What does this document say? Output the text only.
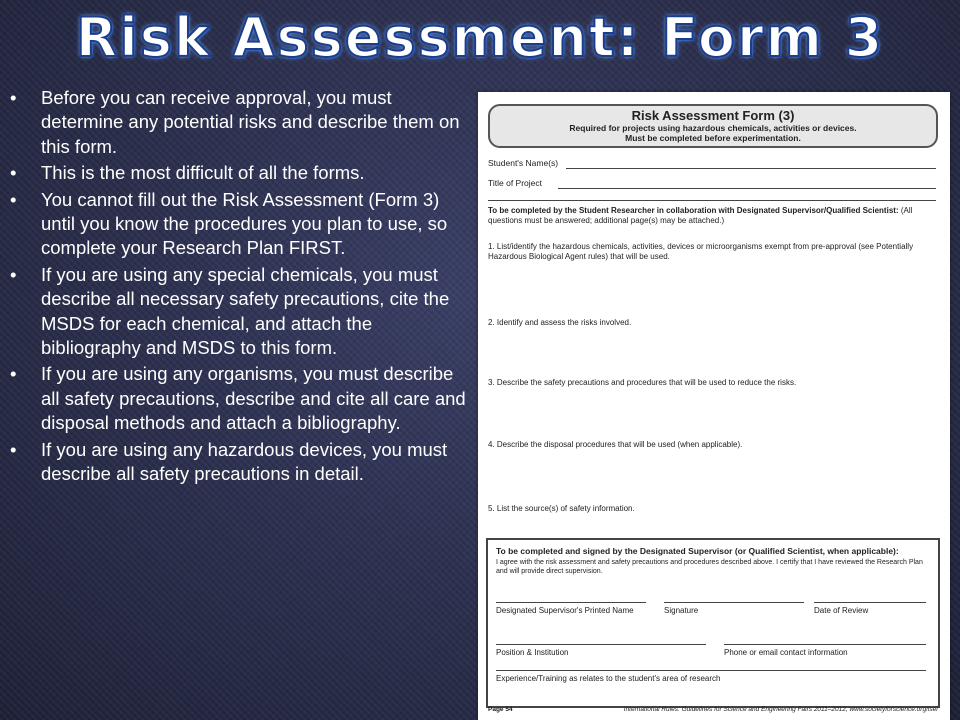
Risk Assessment: Form 3
• Before you can receive approval, you must determine any potential risks and describe them on this form.
• This is the most difficult of all the forms.
• You cannot fill out the Risk Assessment (Form 3) until you know the procedures you plan to use, so complete your Research Plan FIRST.
• If you are using any special chemicals, you must describe all necessary safety precautions, cite the MSDS for each chemical, and attach the bibliography and MSDS to this form.
• If you are using any organisms, you must describe all safety precautions, describe and cite all care and disposal methods and attach a bibliography.
• If you are using any hazardous devices, you must describe all safety precautions in detail.
Risk Assessment Form (3)
Required for projects using hazardous chemicals, activities or devices.
Must be completed before experimentation.
Student's Name(s)
Title of Project
To be completed by the Student Researcher in collaboration with Designated Supervisor/Qualified Scientist: (All questions must be answered; additional page(s) may be attached.)
1. List/identify the hazardous chemicals, activities, devices or microorganisms exempt from pre-approval (see Potentially Hazardous Biological Agent rules) that will be used.
2. Identify and assess the risks involved.
3. Describe the safety precautions and procedures that will be used to reduce the risks.
4. Describe the disposal procedures that will be used (when applicable).
5. List the source(s) of safety information.
To be completed and signed by the Designated Supervisor (or Qualified Scientist, when applicable):
I agree with the risk assessment and safety precautions and procedures described above. I certify that I have reviewed the Research Plan and will provide direct supervision.
Designated Supervisor's Printed Name	Signature	Date of Review
Position & Institution	Phone or email contact information
Experience/Training as relates to the student's area of research
Page 54	International Rules: Guidelines for Science and Engineering Fairs 2011–2012, www.societyforscience.org/isef
